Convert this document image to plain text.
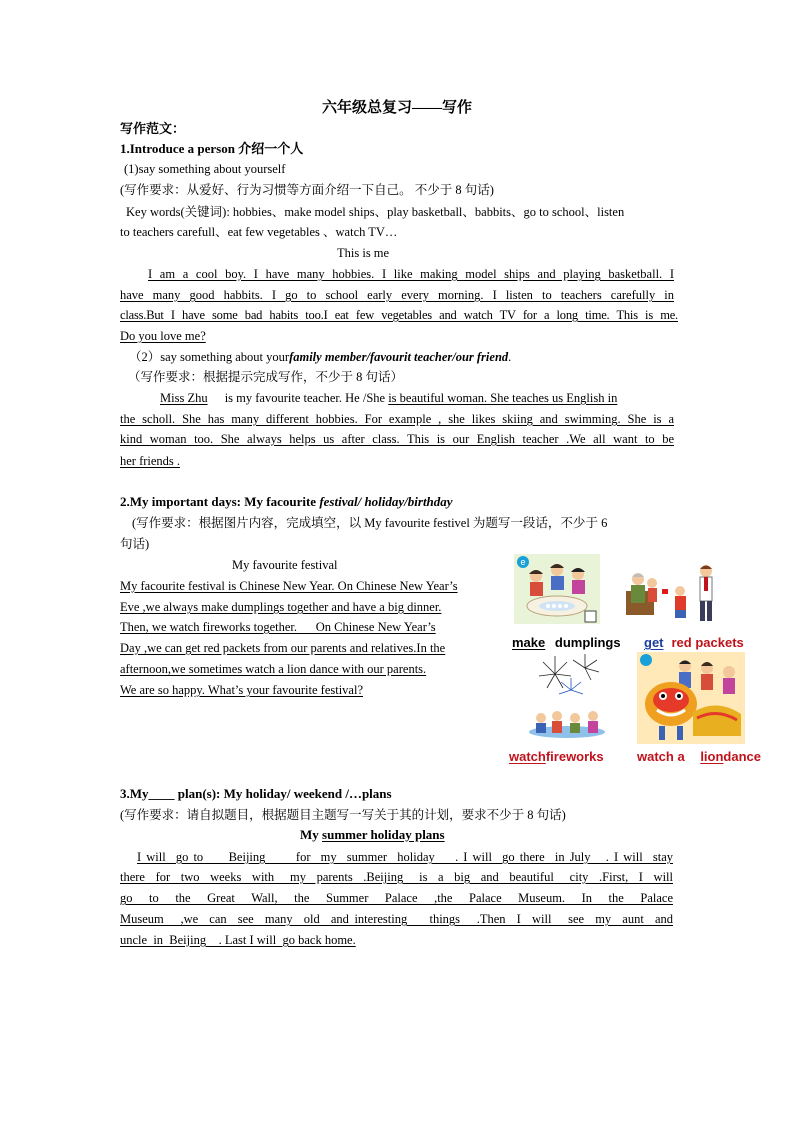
六年级总复习——写作
写作范文：
1.Introduce a person 介绍一个人
(1)say something about yourself
(写作要求：从爱好、行为习惯等方面介绍一下自己。 不少于 8 句话)
Key words(关键词): hobbies、make model ships、play basketball、babbits、go to school、listen
to teachers carefull、eat few vegetables 、watch TV…
This is me
I am a cool boy. I have many hobbies. I like making model ships and playing basketball. I
have many good habbits. I go to school early every morning. I listen to teachers carefully in
class.But I have some bad habits too.I eat few vegetables and watch TV for a long time. This is me.
Do you love me?
（2）say something about yourfamily member/favourit teacher/our friend.
（写作要求：根据提示完成写作，不少于 8 句话）
Miss Zhu is my favourite teacher. He /She is beautiful woman. She teaches us English in
the scholl. She has many different hobbies. For example , she likes skiing and swimming. She is a
kind woman too. She always helps us after class. This is our English teacher .We all want to be
her friends .
2.My important days: My facourite festival/ holiday/birthday
(写作要求：根据图片内容，完成填空，以 My favourite festivel 为题写一段话，不少于 6
句话)
My favourite festival
My facourite festival is Chinese New Year. On Chinese New Year’s
Eve ,we always make dumplings together and have a big dinner.
Then, we watch fireworks together.      On Chinese New Year’s
Day ,we can get red packets from our parents and relatives.In the
afternoon,we sometimes watch a lion dance with our parents.
We are so happy. What’s your favourite festival?
e
make dumplings	get red packets
watchfireworks	watch a liondance
3.My____ plan(s): My holiday/ weekend /…plans
(写作要求：请自拟题目，根据题目主题写一写关于其的计划，要求不少于 8 句话)
My summer holiday plans
I will  go to     Beijing      for  my  summer  holiday    . I will  go there  in July   . I will  stay
there  for  two  weeks  with   my  parents  .Beijing   is  a  big  and  beautiful   city  .First,  I  will
go   to   the   Great   Wall,   the   Summer   Palace   ,the   Palace   Museum.   In   the   Palace
Museum   ,we  can  see  many  old  and interesting    things   .Then  I  will   see  my  aunt  and
uncle  in  Beijing    . Last I will  go back home.
